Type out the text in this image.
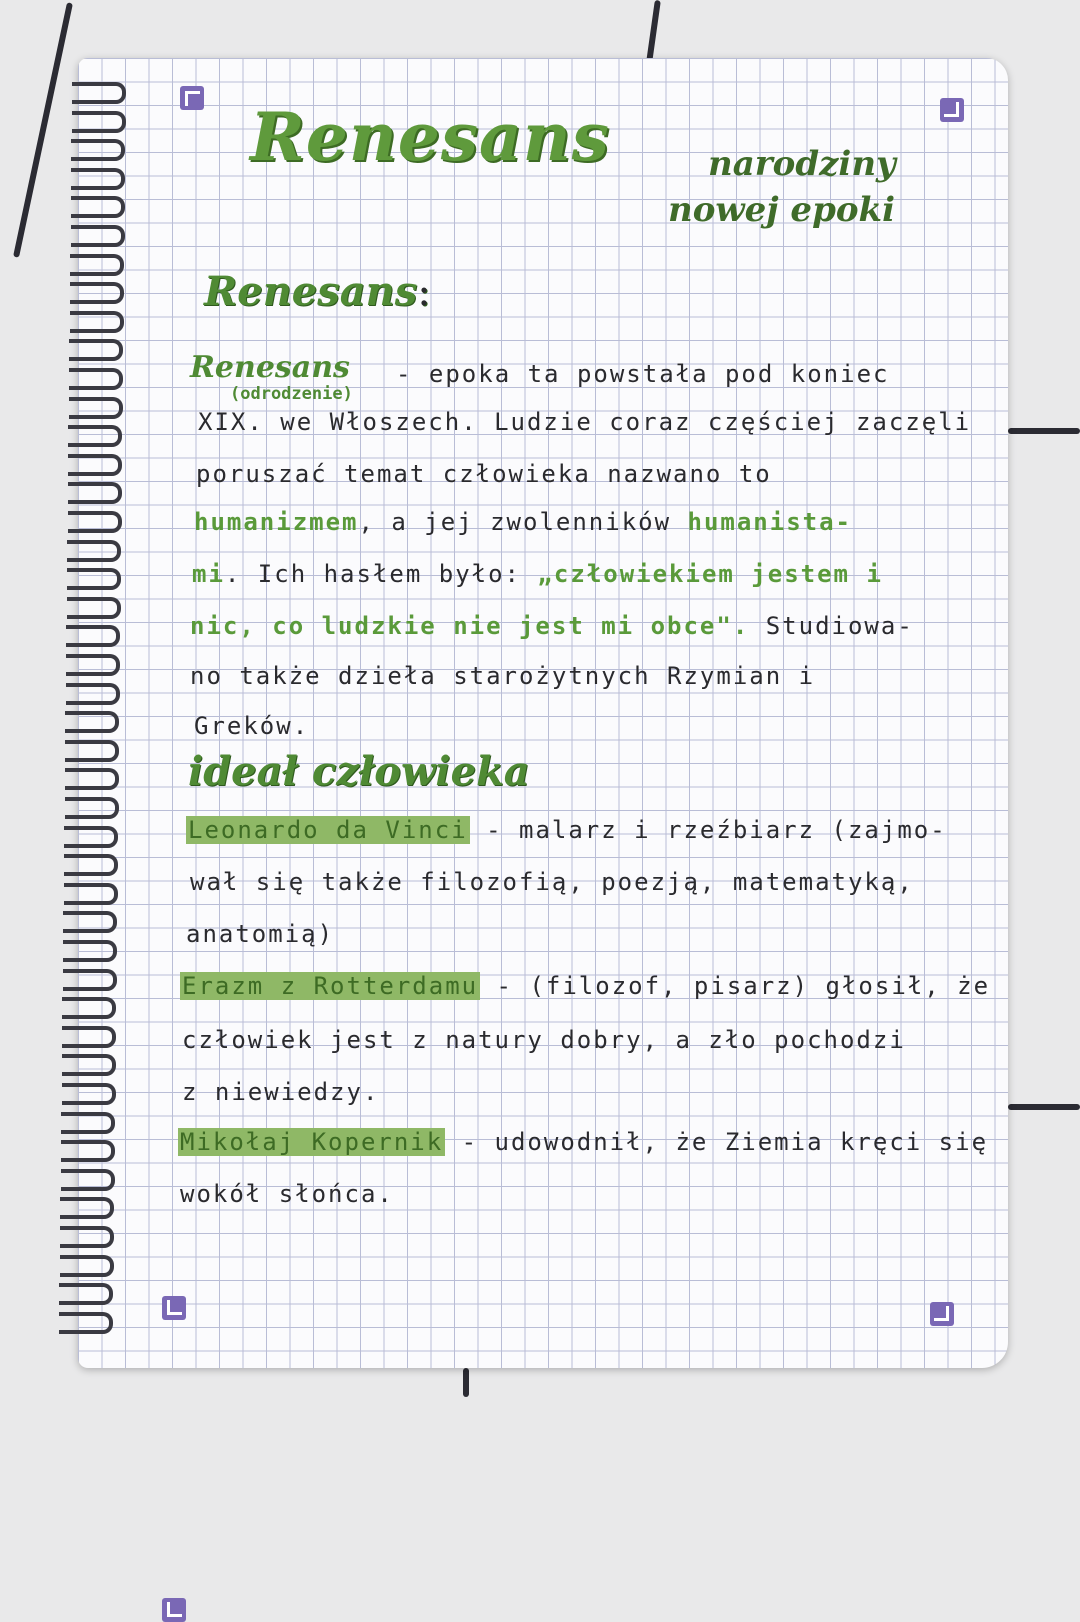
Renesans	narodziny
nowej epoki
Renesans:
Renesans
(odrodzenie)
- epoka ta powstała pod koniec
XIX. we Włoszech. Ludzie coraz częściej zaczęli
poruszać temat człowieka nazwano to
humanizmem, a jej zwolenników humanista-
mi. Ich hasłem było: „człowiekiem jestem i
nic, co ludzkie nie jest mi obce". Studiowa-
no także dzieła starożytnych Rzymian i
Greków.
ideał człowieka
Leonardo da Vinci - malarz i rzeźbiarz (zajmo-
wał się także filozofią, poezją, matematyką,
anatomią)
Erazm z Rotterdamu - (filozof, pisarz) głosił, że
człowiek jest z natury dobry, a zło pochodzi
z niewiedzy.
Mikołaj Kopernik - udowodnił, że Ziemia kręci się
wokół słońca.
